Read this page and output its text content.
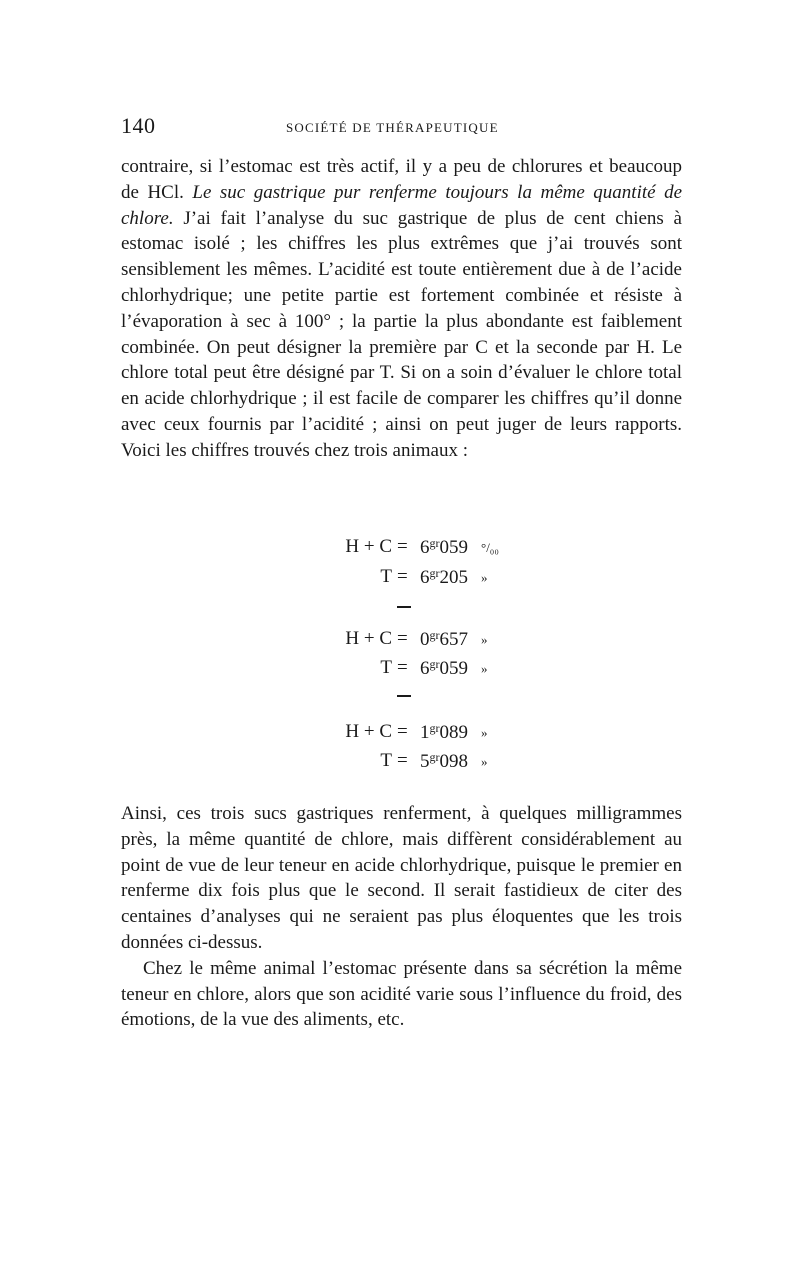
140	SOCIÉTÉ DE THÉRAPEUTIQUE

contraire, si l’estomac est très actif, il y a peu de chlorures et beaucoup de HCl. Le suc gastrique pur renferme toujours la même quantité de chlore. J’ai fait l’analyse du suc gastrique de plus de cent chiens à estomac isolé ; les chiffres les plus extrêmes que j’ai trouvés sont sensiblement les mêmes. L’acidité est toute entièrement due à de l’acide chlorhydrique; une petite partie est fortement combinée et résiste à l’évaporation à sec à 100° ; la partie la plus abondante est faiblement combinée. On peut désigner la première par C et la seconde par H. Le chlore total peut être désigné par T. Si on a soin d’évaluer le chlore total en acide chlorhydrique ; il est facile de comparer les chiffres qu’il donne avec ceux fournis par l’acidité ; ainsi on peut juger de leurs rapports. Voici les chiffres trouvés chez trois animaux :

$H + C = 6^{gr}059$ °/₀₀
$T = 6^{gr}205$ »
$H + C = 0^{gr}657$ »
$T = 6^{gr}059$ »
$H + C = 1^{gr}089$ »
$T = 5^{gr}098$ »

Ainsi, ces trois sucs gastriques renferment, à quelques milligrammes près, la même quantité de chlore, mais diffèrent considérablement au point de vue de leur teneur en acide chlorhydrique, puisque le premier en renferme dix fois plus que le second. Il serait fastidieux de citer des centaines d’analyses qui ne seraient pas plus éloquentes que les trois données ci-dessus.

Chez le même animal l’estomac présente dans sa sécrétion la même teneur en chlore, alors que son acidité varie sous l’influence du froid, des émotions, de la vue des aliments, etc.
